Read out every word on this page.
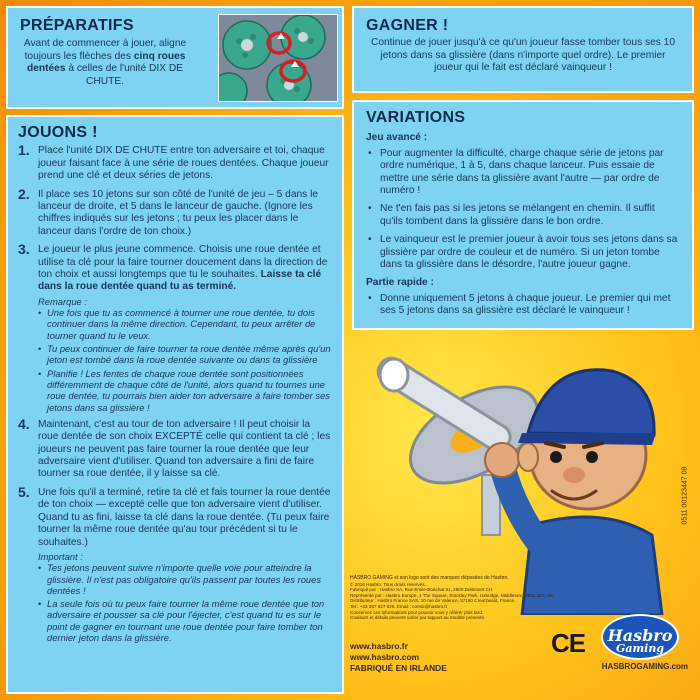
PRÉPARATIFS
Avant de commencer à jouer, aligne toujours les flèches des cinq roues dentées à celles de l'unité DIX DE CHUTE.
GAGNER !
Continue de jouer jusqu'à ce qu'un joueur fasse tomber tous ses 10 jetons dans sa glissière (dans n'importe quel ordre). Le premier joueur qui le fait est déclaré vainqueur !
VARIATIONS
Jeu avancé :
• Pour augmenter la difficulté, charge chaque série de jetons par ordre numérique, 1 à 5, dans chaque lanceur. Puis essaie de mettre une série dans ta glissière avant l'autre — par ordre de numéro !
• Ne t'en fais pas si les jetons se mélangent en chemin. Il suffit qu'ils tombent dans la glissière dans le bon ordre.
• Le vainqueur est le premier joueur à avoir tous ses jetons dans sa glissière par ordre de couleur et de numéro. Si un jeton tombe dans ta glissière dans le désordre, l'autre joueur gagne.
Partie rapide :
• Donne uniquement 5 jetons à chaque joueur. Le premier qui met ses 5 jetons dans sa glissière est déclaré le vainqueur !
JOUONS !
1. Place l'unité DIX DE CHUTE entre ton adversaire et toi, chaque joueur faisant face à une série de roues dentées. Chaque joueur prend une clé et deux séries de jetons.
2. Il place ses 10 jetons sur son côté de l'unité de jeu – 5 dans le lanceur de droite, et 5 dans le lanceur de gauche. (Ignore les chiffres indiqués sur les jetons ; tu peux les placer dans le lanceur dans l'ordre de ton choix.)
3. Le joueur le plus jeune commence. Choisis une roue dentée et utilise ta clé pour la faire tourner doucement dans la direction de ton choix et aussi longtemps que tu le souhaites. Laisse ta clé dans la roue dentée quand tu as terminé.
Remarque :
• Une fois que tu as commencé à tourner une roue dentée, tu dois continuer dans la même direction. Cependant, tu peux arrêter de tourner quand tu le veux.
• Tu peux continuer de faire tourner ta roue dentée même après qu'un jeton est tombé dans la roue dentée suivante ou dans ta glissière
• Planifie ! Les fentes de chaque roue dentée sont positionnées différemment de chaque côté de l'unité, alors quand tu tournes une roue dentée, tu pourrais bien aider ton adversaire à faire tomber ses jetons dans sa glissière !
4. Maintenant, c'est au tour de ton adversaire ! Il peut choisir la roue dentée de son choix EXCEPTÉ celle qui contient ta clé ; les joueurs ne peuvent pas faire tourner la roue dentée que leur adversaire vient d'utiliser. Quand ton adversaire a fini de faire tourner sa roue dentée, il y laisse sa clé.
5. Une fois qu'il a terminé, retire ta clé et fais tourner la roue dentée de ton choix — excepté celle que ton adversaire vient d'utiliser. Quand tu as fini, laisse ta clé dans la roue dentée. (Tu peux faire tourner la même roue dentée qu'au tour précédent si tu le souhaites.)
Important :
• Tes jetons peuvent suivre n'importe quelle voie pour atteindre la glissière. Il n'est pas obligatoire qu'ils passent par toutes les roues dentées !
• La seule fois où tu peux faire tourner la même roue dentée que ton adversaire et pousser sa clé pour l'éjecter, c'est quand tu es sur le point de gagner en tournant une roue dentée pour faire tomber ton dernier jeton dans la glissière.
0511 00123447 08
HASBRO GAMING et son logo sont des marques déposées de Hasbro.
© 2016 Hasbro. Tous droits réservés.
Fabriqué par : Hasbro SA, Rue Emile-Boéchat 31, 2800 Delémont CH.
Représenté par : Hasbro Europe, 4 The Square, Stockley Park, Uxbridge, Middlesex, UB11 1ET, UK.
Distributeur : Hasbro France SAS, 10 rue de Valence, 57150 Creutzwald, France.
Tel : +33 387 827 620. Email : conso@hasbro.fr
Conservez ces informations pour pouvoir vous y référer plus tard.
Couleurs et détails peuvent varier par rapport au modèle présenté.
www.hasbro.fr
www.hasbro.com
FABRIQUÉ EN IRLANDE
CE	Hasbro
Gaming
HASBROGAMING.com
